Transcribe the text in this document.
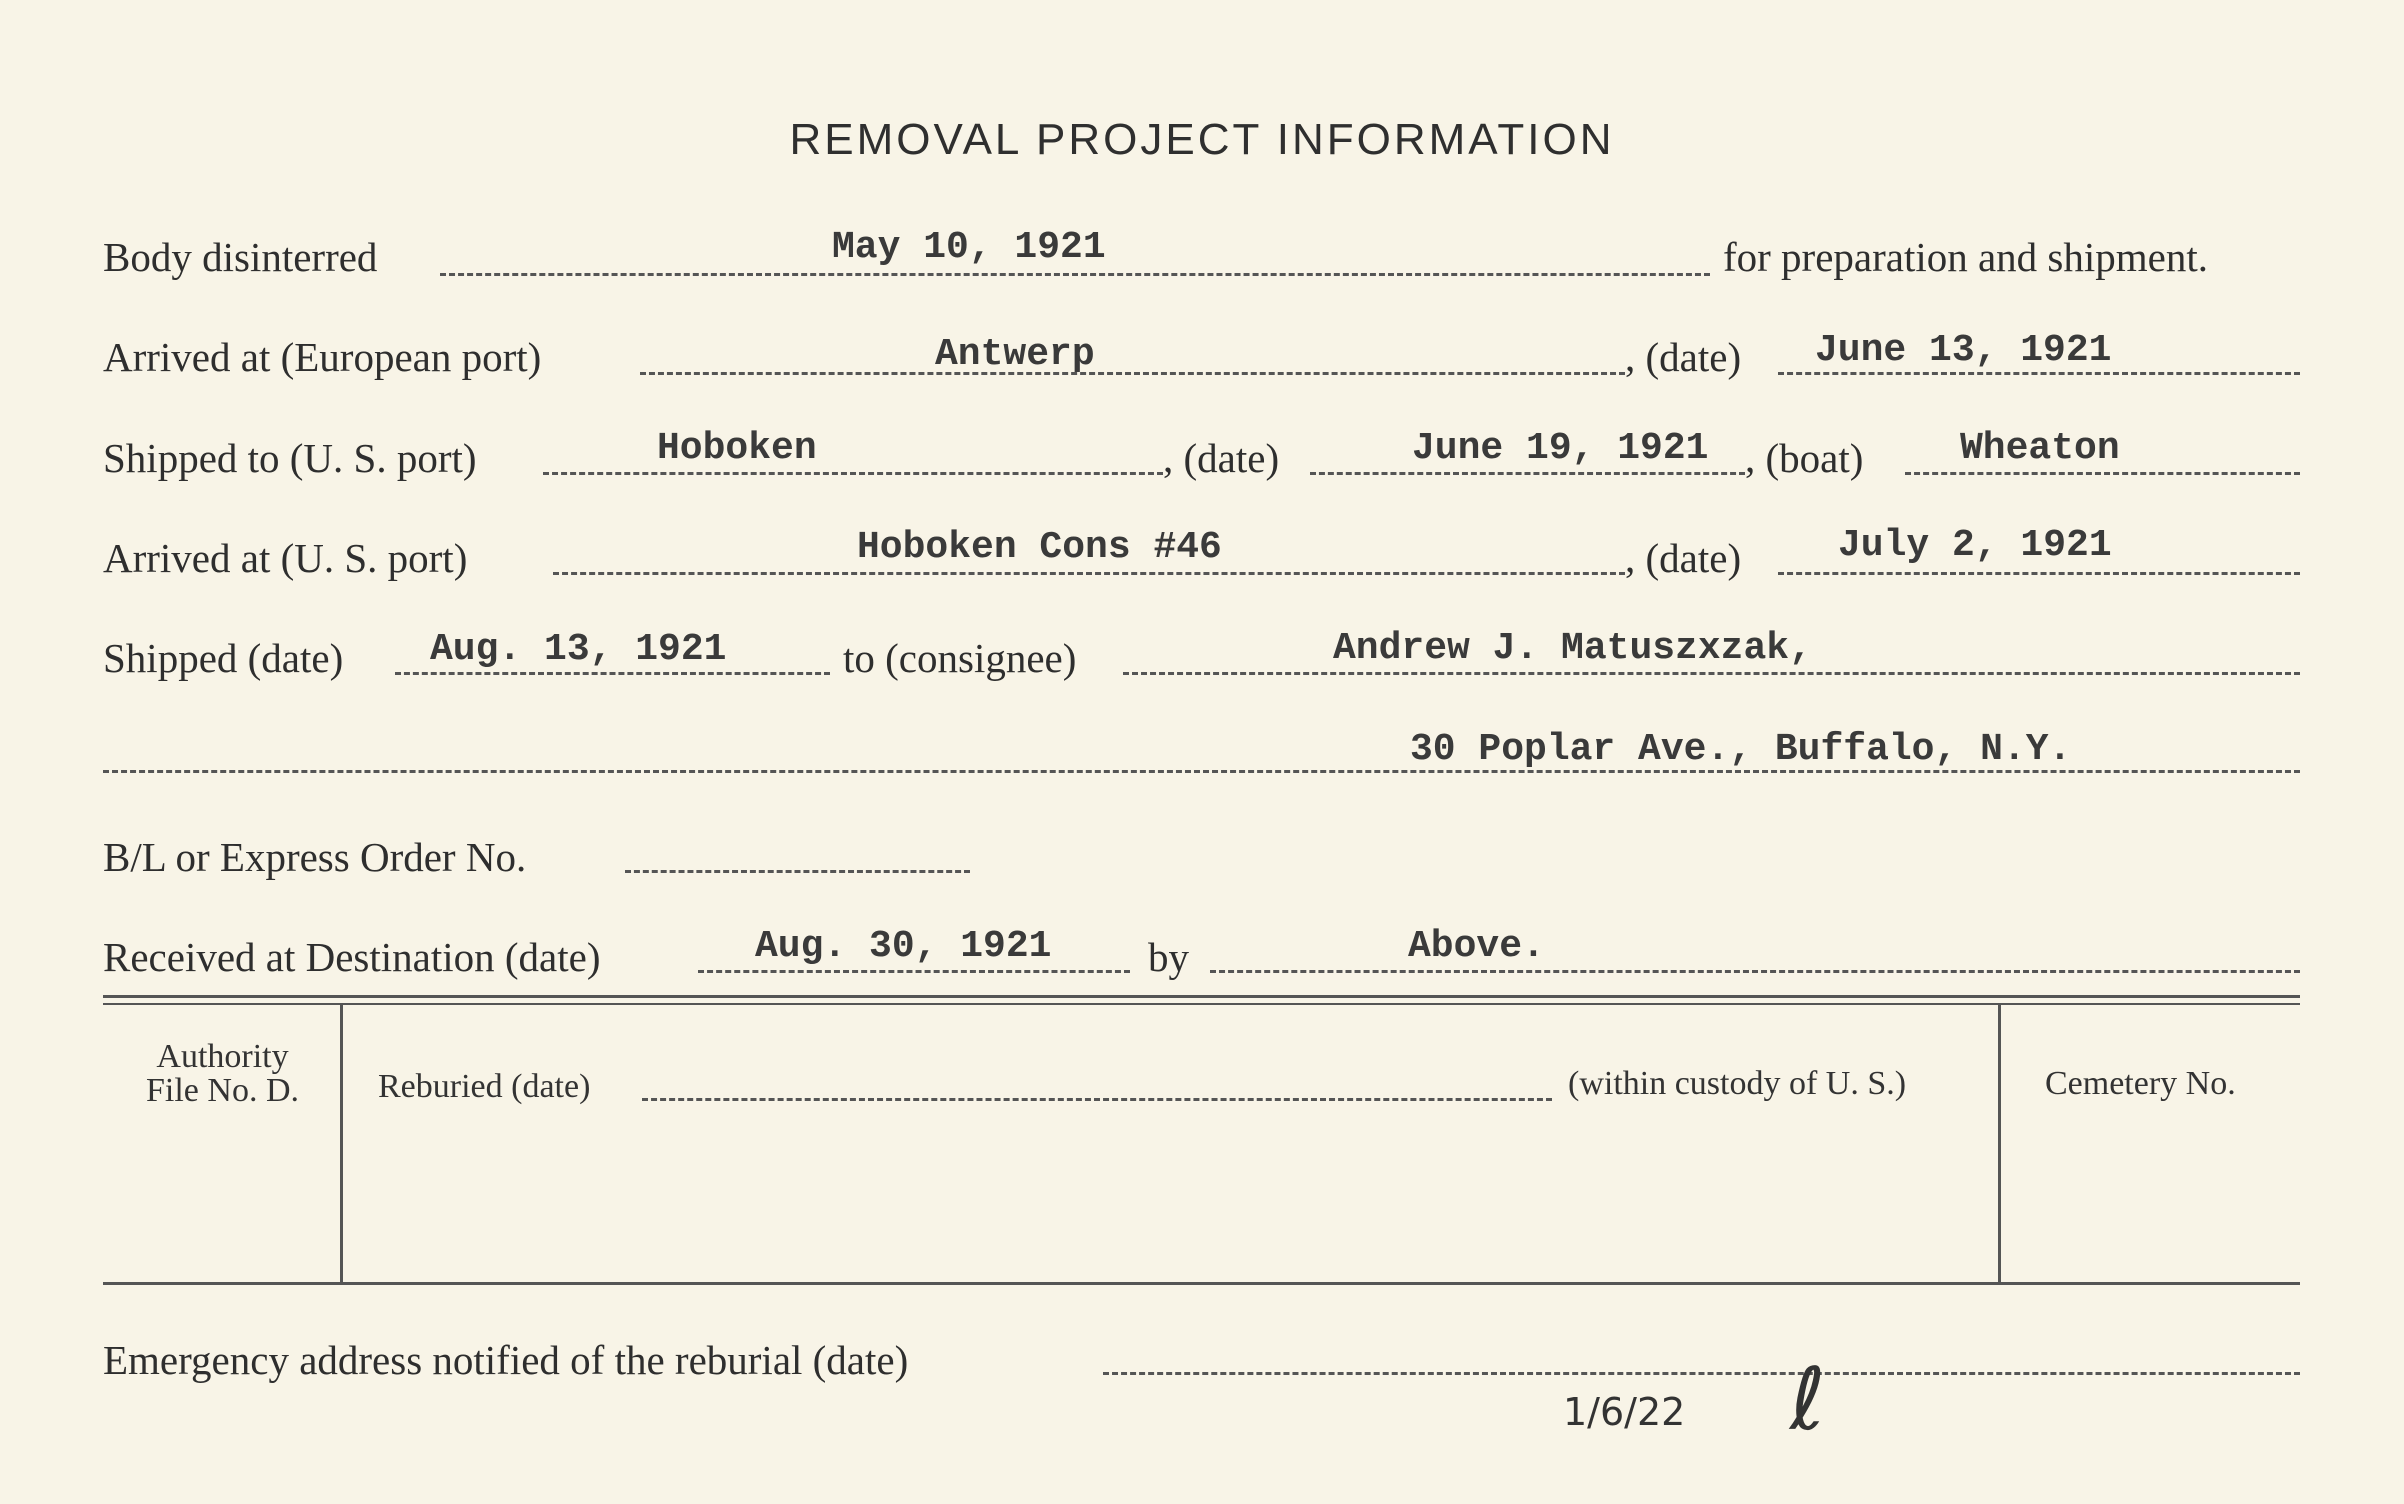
REMOVAL PROJECT INFORMATION
Body disinterred	May 10, 1921	for preparation and shipment.
Arrived at (European port)	Antwerp	, (date) June 13, 1921
Shipped to (U. S. port)	Hoboken	, (date)	June 19, 1921 , (boat)	Wheaton
Arrived at (U. S. port)	Hoboken Cons #46	, (date)	July 2, 1921
Shipped (date) Aug. 13, 1921	to (consignee)	Andrew J. Matuszxzak,
30 Poplar Ave., Buffalo, N.Y.
B/L or Express Order No.
Received at Destination (date)	Aug. 30, 1921 by	Above.
Authority
File No. D.	Reburied (date)	(within custody of U. S.)	Cemetery No.
Emergency address notified of the reburial (date)
1/6/22 ℓ
